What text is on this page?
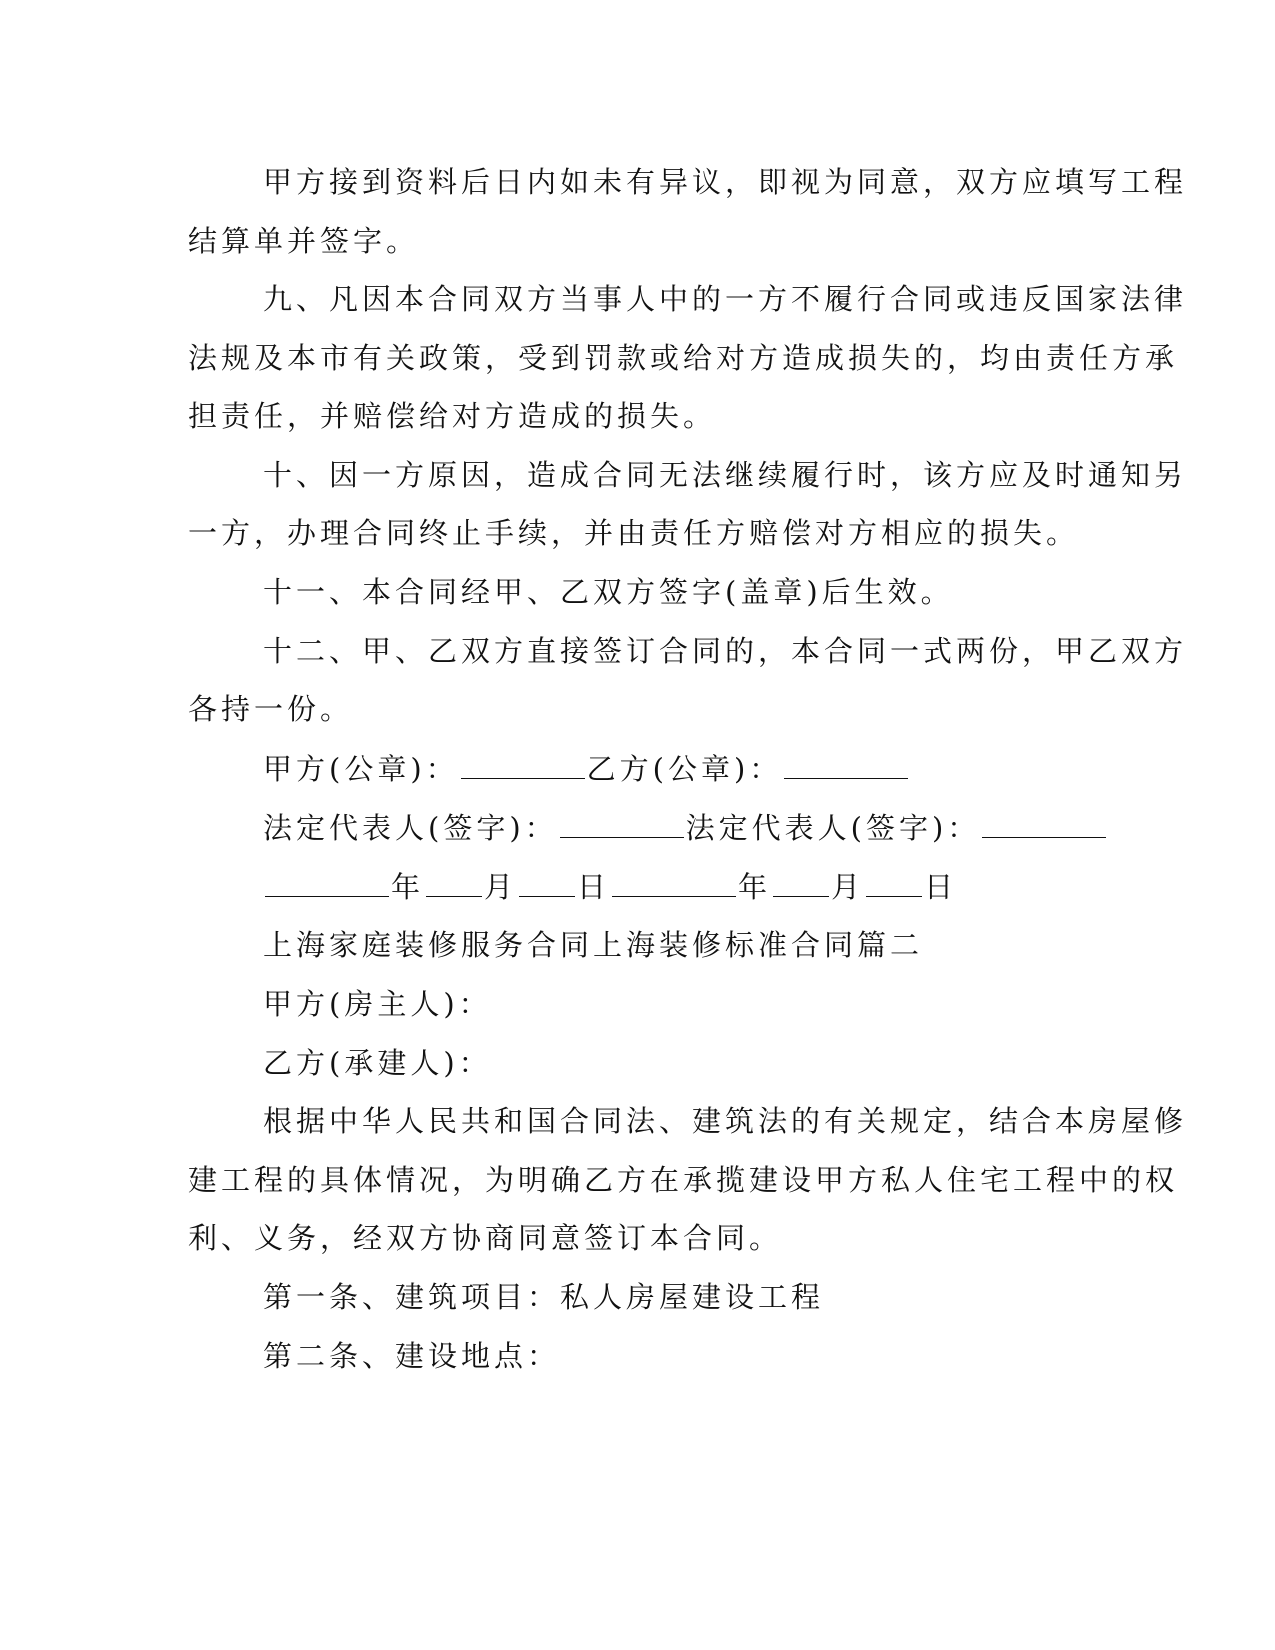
甲方接到资料后日内如未有异议，即视为同意，双方应填写工程
结算单并签字。
九、凡因本合同双方当事人中的一方不履行合同或违反国家法律
法规及本市有关政策，受到罚款或给对方造成损失的，均由责任方承
担责任，并赔偿给对方造成的损失。
十、因一方原因，造成合同无法继续履行时，该方应及时通知另
一方，办理合同终止手续，并由责任方赔偿对方相应的损失。
十一、本合同经甲、乙双方签字(盖章)后生效。
十二、甲、乙双方直接签订合同的，本合同一式两份，甲乙双方
各持一份。
甲方(公章)：	乙方(公章)：
法定代表人(签字)：	法定代表人(签字)：
年 月 日	年 月 日
上海家庭装修服务合同上海装修标准合同篇二
甲方(房主人)：
乙方(承建人)：
根据中华人民共和国合同法、建筑法的有关规定，结合本房屋修
建工程的具体情况，为明确乙方在承揽建设甲方私人住宅工程中的权
利、义务，经双方协商同意签订本合同。
第一条、建筑项目：私人房屋建设工程
第二条、建设地点：
